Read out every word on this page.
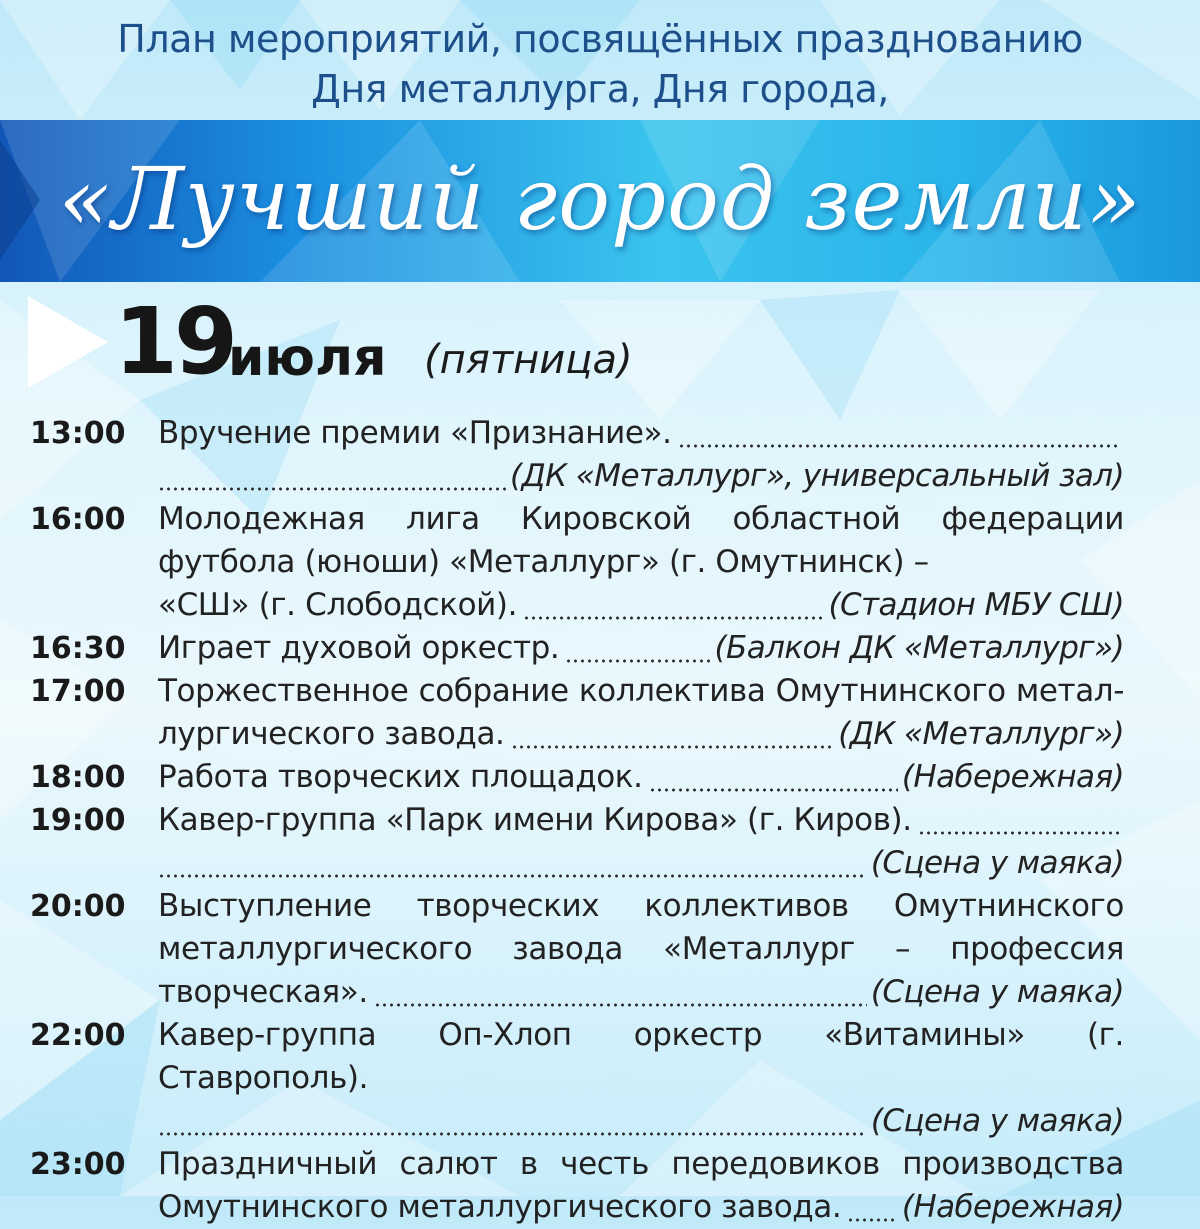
План мероприятий, посвящённых празднованию
Дня металлурга, Дня города,
«Лучший город земли»
19
июля (пятница)
13:00 Вручение премии «Признание».
(ДК «Металлург», универсальный зал)
16:00 Молодежная лига Кировской областной федерации
футбола (юноши) «Металлург» (г. Омутнинск) –
«СШ» (г. Слободской).	(Стадион МБУ СШ)
16:30 Играет духовой оркестр.	(Балкон ДК «Металлург»)
17:00 Торжественное собрание коллектива Омутнинского метал-
лургического завода.	(ДК «Металлург»)
18:00 Работа творческих площадок.	(Набережная)
19:00 Кавер-группа «Парк имени Кирова» (г. Киров).
(Сцена у маяка)
20:00 Выступление творческих коллективов Омутнинского
металлургического завода «Металлург – профессия
творческая».	(Сцена у маяка)
22:00 Кавер-группа Оп-Хлоп оркестр «Витамины» (г. Ставрополь).
(Сцена у маяка)
23:00 Праздничный салют в честь передовиков производства
Омутнинского металлургического завода. (Набережная)
